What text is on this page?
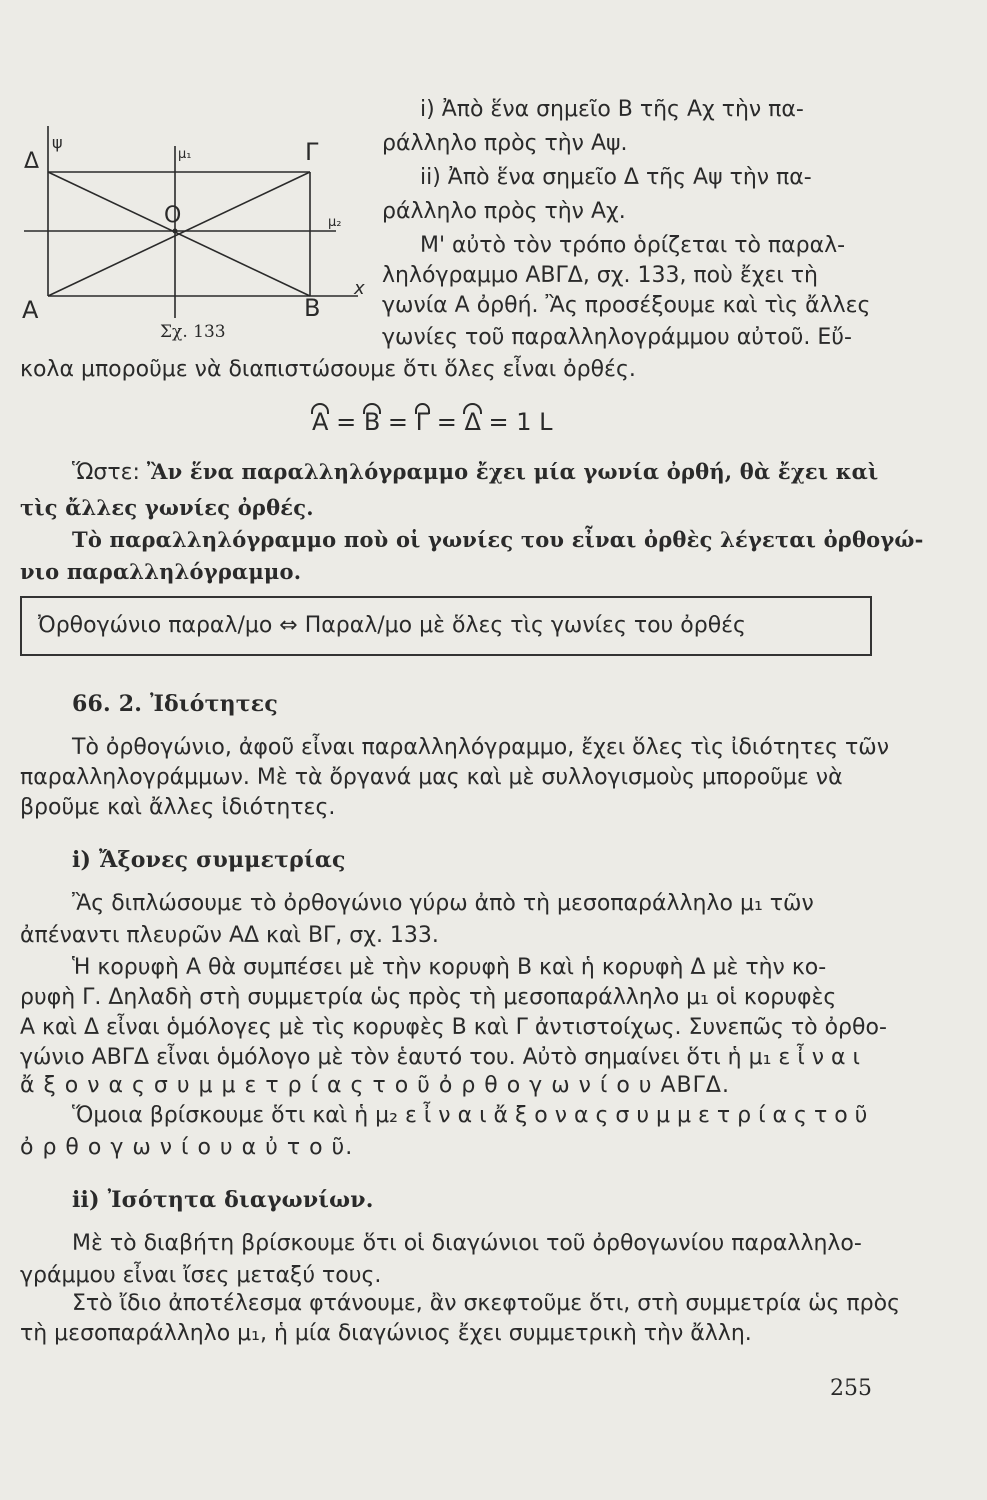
ψ
μ₁	Γ
Δ
Ο	μ₂
Α	Β
x
Σχ. 133
i) Ἀπὸ ἕνα σημεῖο Β τῆς Αχ τὴν πα-
ράλληλο πρὸς τὴν Αψ.
ii) Ἀπὸ ἕνα σημεῖο Δ τῆς Αψ τὴν πα-
ράλληλο πρὸς τὴν Αχ.
Μ' αὐτὸ τὸν τρόπο ὁρίζεται τὸ παραλ-
ληλόγραμμο ΑΒΓΔ, σχ. 133, ποὺ ἔχει τὴ
γωνία Α ὀρθή. Ἂς προσέξουμε καὶ τὶς ἄλλες
γωνίες τοῦ παραλληλογράμμου αὐτοῦ. Εὔ-
κολα μποροῦμε νὰ διαπιστώσουμε ὅτι ὅλες εἶναι ὀρθές.
A = B = Γ = Δ = 1 L
Ὥστε: Ἂν ἕνα παραλληλόγραμμο ἔχει μία γωνία ὀρθή, θὰ ἔχει καὶ
τὶς ἄλλες γωνίες ὀρθές.
Τὸ παραλληλόγραμμο ποὺ οἱ γωνίες του εἶναι ὀρθὲς λέγεται ὀρθογώ-
νιο παραλληλόγραμμο.
Ὀρθογώνιο παραλ/μο ⇔ Παραλ/μο μὲ ὅλες τὶς γωνίες του ὀρθές
66. 2. Ἰδιότητες
Τὸ ὀρθογώνιο, ἀφοῦ εἶναι παραλληλόγραμμο, ἔχει ὅλες τὶς ἰδιότητες τῶν
παραλληλογράμμων. Μὲ τὰ ὄργανά μας καὶ μὲ συλλογισμοὺς μποροῦμε νὰ
βροῦμε καὶ ἄλλες ἰδιότητες.
i) Ἄξονες συμμετρίας
Ἂς διπλώσουμε τὸ ὀρθογώνιο γύρω ἀπὸ τὴ μεσοπαράλληλο μ₁ τῶν
ἀπέναντι πλευρῶν ΑΔ καὶ ΒΓ, σχ. 133.
Ἡ κορυφὴ Α θὰ συμπέσει μὲ τὴν κορυφὴ Β καὶ ἡ κορυφὴ Δ μὲ τὴν κο-
ρυφὴ Γ. Δηλαδὴ στὴ συμμετρία ὡς πρὸς τὴ μεσοπαράλληλο μ₁ οἱ κορυφὲς
Α καὶ Δ εἶναι ὁμόλογες μὲ τὶς κορυφὲς Β καὶ Γ ἀντιστοίχως. Συνεπῶς τὸ ὀρθο-
γώνιο ΑΒΓΔ εἶναι ὁμόλογο μὲ τὸν ἑαυτό του. Αὐτὸ σημαίνει ὅτι ἡ μ₁ ε ἶ ν α ι
ἄ ξ ο ν α ς σ υ μ μ ε τ ρ ί α ς τ ο ῦ ὀ ρ θ ο γ ω ν ί ο υ ΑΒΓΔ.
Ὅμοια βρίσκουμε ὅτι καὶ ἡ μ₂ ε ἶ ν α ι ἄ ξ ο ν α ς σ υ μ μ ε τ ρ ί α ς τ ο ῦ
ὀ ρ θ ο γ ω ν ί ο υ α ὐ τ ο ῦ.
ii) Ἰσότητα διαγωνίων.
Μὲ τὸ διαβήτη βρίσκουμε ὅτι οἱ διαγώνιοι τοῦ ὀρθογωνίου παραλληλο-
γράμμου εἶναι ἴσες μεταξύ τους.
Στὸ ἴδιο ἀποτέλεσμα φτάνουμε, ἂν σκεφτοῦμε ὅτι, στὴ συμμετρία ὡς πρὸς
τὴ μεσοπαράλληλο μ₁, ἡ μία διαγώνιος ἔχει συμμετρικὴ τὴν ἄλλη.
255
